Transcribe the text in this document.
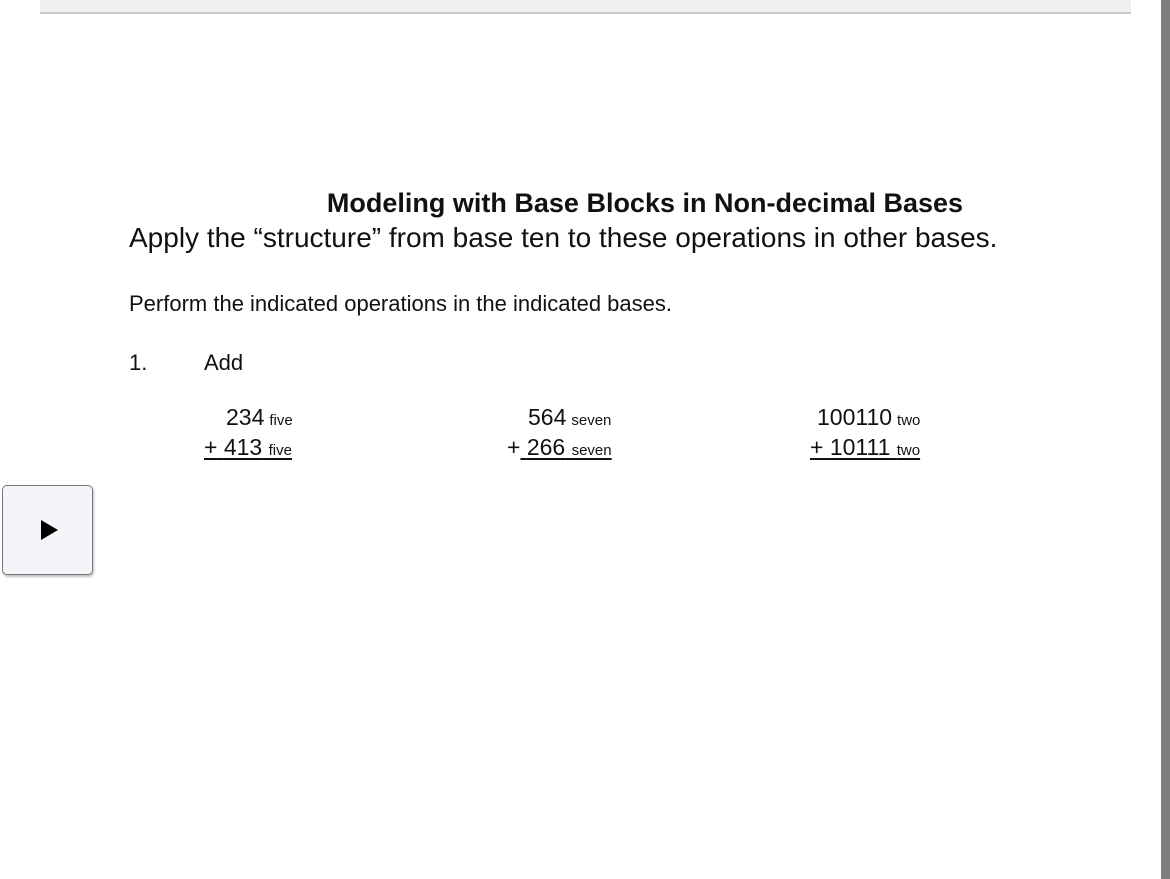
Modeling with Base Blocks in Non-decimal Bases
Apply the “structure” from base ten to these operations in other bases.
Perform the indicated operations in the indicated bases.
1.	Add
234 five
+ 413 five
564 seven
+ 266 seven
100110 two
+ 10111 two
